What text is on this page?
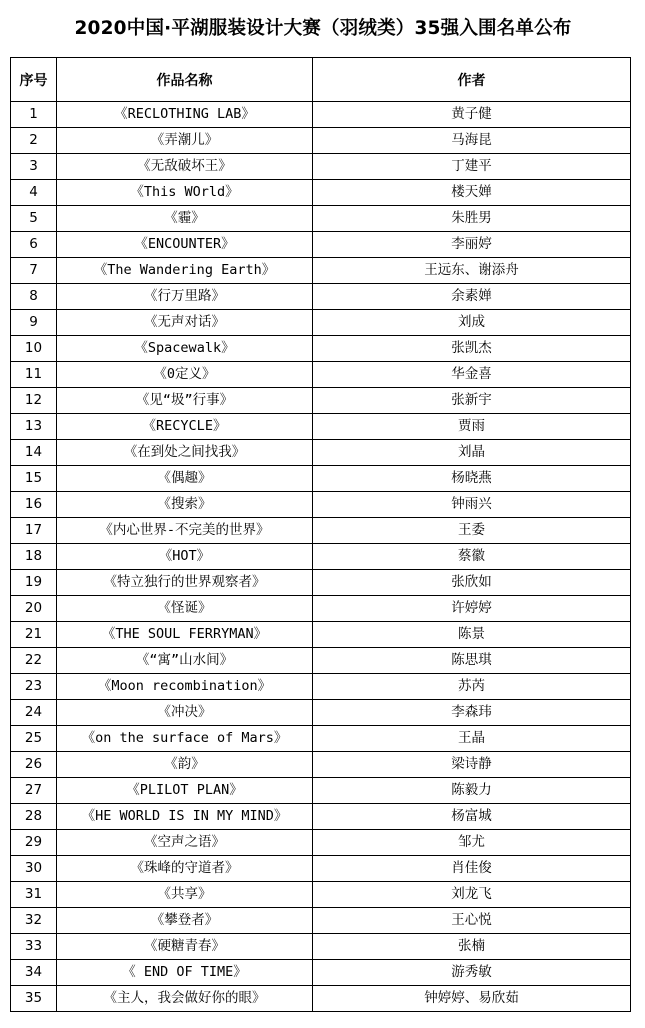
2020中国·平湖服装设计大赛（羽绒类）35强入围名单公布
序号	作品名称	作者
1	《RECLOTHING LAB》	黄子健
2	《弄潮儿》	马海昆
3	《无敌破坏王》	丁建平
4	《This WOrld》	楼天婵
5	《霾》	朱胜男
6	《ENCOUNTER》	李丽婷
7	《The Wandering Earth》	王远东、谢添舟
8	《行万里路》	余素婵
9	《无声对话》	刘成
10	《Spacewalk》	张凯杰
11	《0定义》	华金喜
12	《见“圾”行事》	张新宇
13	《RECYCLE》	贾雨
14	《在到处之间找我》	刘晶
15	《偶趣》	杨晓燕
16	《搜索》	钟雨兴
17	《内心世界-不完美的世界》	王委
18	《HOT》	蔡徽
19	《特立独行的世界观察者》	张欣如
20	《怪诞》	许婷婷
21	《THE SOUL FERRYMAN》	陈景
22	《“寓”山水间》	陈思琪
23	《Moon recombination》	苏芮
24	《冲决》	李森玮
25	《on the surface of Mars》	王晶
26	《韵》	梁诗静
27	《PLILOT PLAN》	陈毅力
28	《HE WORLD IS IN MY MIND》	杨富城
29	《空声之语》	邹尤
30	《珠峰的守道者》	肖佳俊
31	《共享》	刘龙飞
32	《攀登者》	王心悦
33	《硬糖青春》	张楠
34	《 END OF TIME》	游秀敏
35	《主人，我会做好你的眼》	钟婷婷、易欣茹
